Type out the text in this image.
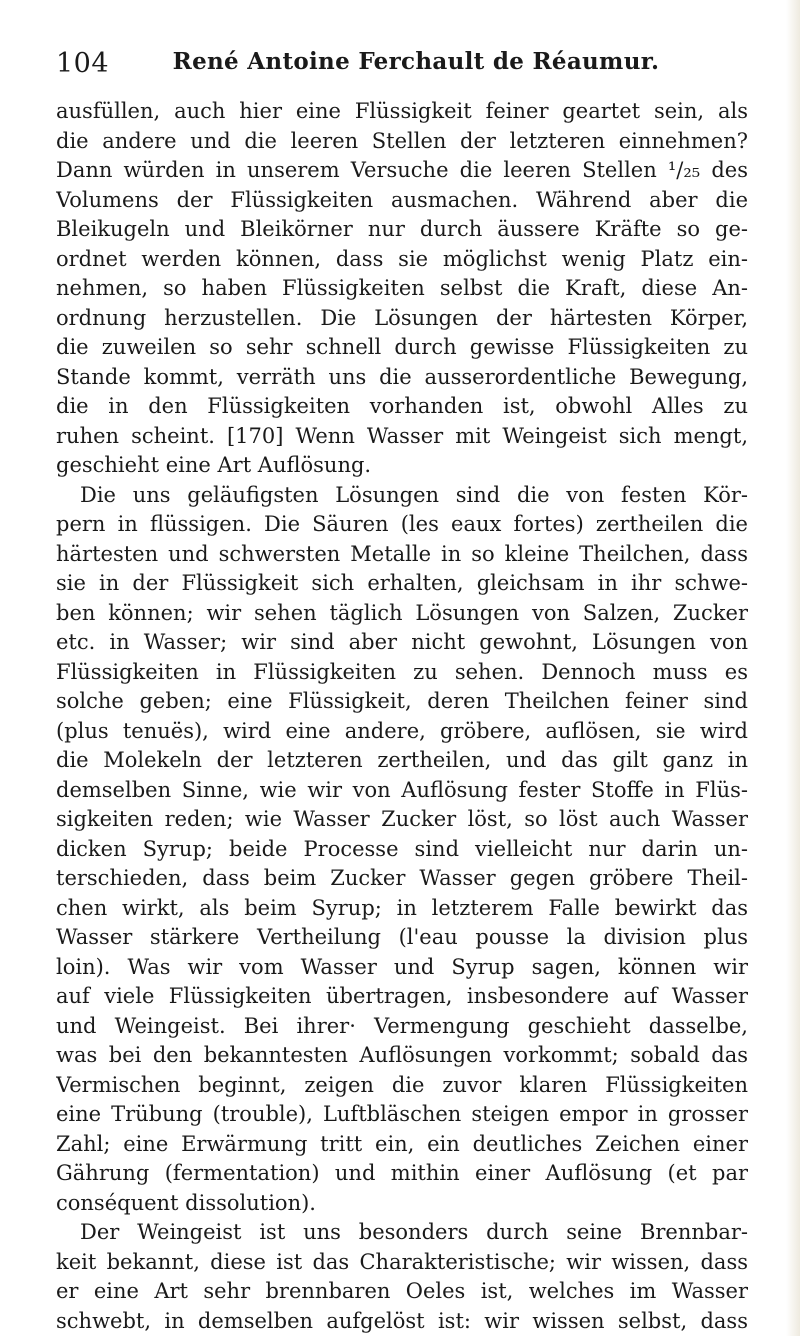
104	René Antoine Ferchault de Réaumur.
ausfüllen, auch hier eine Flüssigkeit feiner geartet sein, als
die andere und die leeren Stellen der letzteren einnehmen?
Dann würden in unserem Versuche die leeren Stellen ¹/₂₅ des
Volumens der Flüssigkeiten ausmachen. Während aber die
Bleikugeln und Bleikörner nur durch äussere Kräfte so ge-
ordnet werden können, dass sie möglichst wenig Platz ein-
nehmen, so haben Flüssigkeiten selbst die Kraft, diese An-
ordnung herzustellen. Die Lösungen der härtesten Körper,
die zuweilen so sehr schnell durch gewisse Flüssigkeiten zu
Stande kommt, verräth uns die ausserordentliche Bewegung,
die in den Flüssigkeiten vorhanden ist, obwohl Alles zu
ruhen scheint. [170] Wenn Wasser mit Weingeist sich mengt,
geschieht eine Art Auflösung.
Die uns geläufigsten Lösungen sind die von festen Kör-
pern in flüssigen. Die Säuren (les eaux fortes) zertheilen die
härtesten und schwersten Metalle in so kleine Theilchen, dass
sie in der Flüssigkeit sich erhalten, gleichsam in ihr schwe-
ben können; wir sehen täglich Lösungen von Salzen, Zucker
etc. in Wasser; wir sind aber nicht gewohnt, Lösungen von
Flüssigkeiten in Flüssigkeiten zu sehen. Dennoch muss es
solche geben; eine Flüssigkeit, deren Theilchen feiner sind
(plus tenuës), wird eine andere, gröbere, auflösen, sie wird
die Molekeln der letzteren zertheilen, und das gilt ganz in
demselben Sinne, wie wir von Auflösung fester Stoffe in Flüs-
sigkeiten reden; wie Wasser Zucker löst, so löst auch Wasser
dicken Syrup; beide Processe sind vielleicht nur darin un-
terschieden, dass beim Zucker Wasser gegen gröbere Theil-
chen wirkt, als beim Syrup; in letzterem Falle bewirkt das
Wasser stärkere Vertheilung (l'eau pousse la division plus
loin). Was wir vom Wasser und Syrup sagen, können wir
auf viele Flüssigkeiten übertragen, insbesondere auf Wasser
und Weingeist. Bei ihrer· Vermengung geschieht dasselbe,
was bei den bekanntesten Auflösungen vorkommt; sobald das
Vermischen beginnt, zeigen die zuvor klaren Flüssigkeiten
eine Trübung (trouble), Luftbläschen steigen empor in grosser
Zahl; eine Erwärmung tritt ein, ein deutliches Zeichen einer
Gährung (fermentation) und mithin einer Auflösung (et par
conséquent dissolution).
Der Weingeist ist uns besonders durch seine Brennbar-
keit bekannt, diese ist das Charakteristische; wir wissen, dass
er eine Art sehr brennbaren Oeles ist, welches im Wasser
schwebt, in demselben aufgelöst ist: wir wissen selbst, dass
